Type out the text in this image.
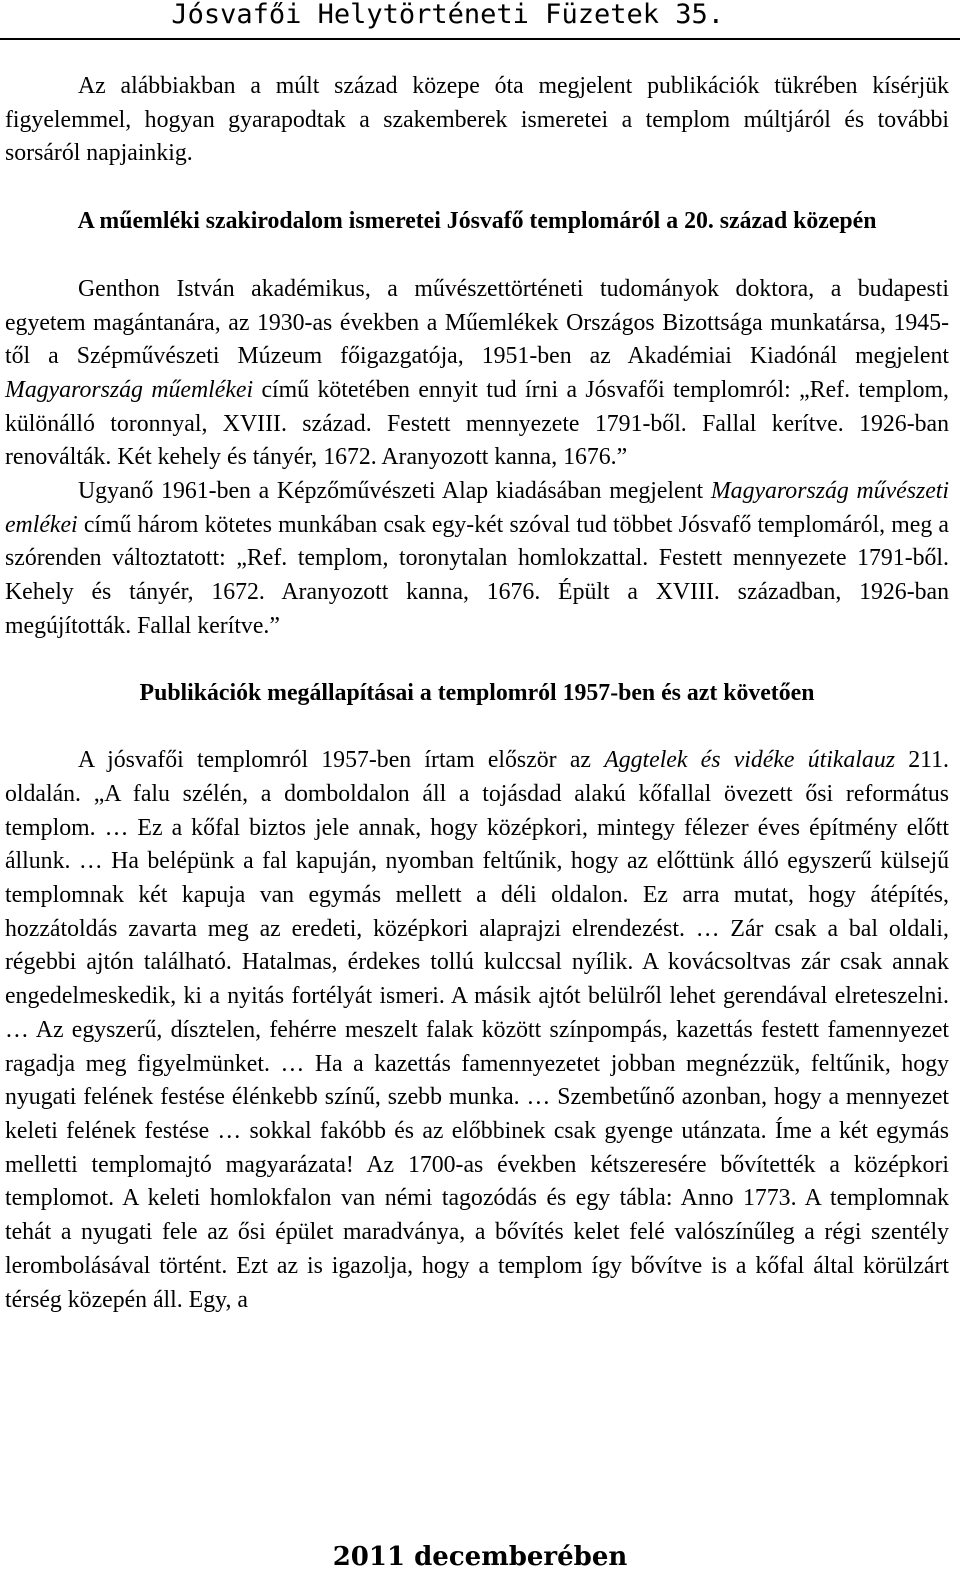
Jósvafői Helytörténeti Füzetek 35.

Az alábbiakban a múlt század közepe óta megjelent publikációk tükrében kísérjük figyelemmel, hogyan gyarapodtak a szakemberek ismeretei a templom múltjáról és további sorsáról napjainkig.

A műemléki szakirodalom ismeretei Jósvafő templomáról a 20. század közepén

Genthon István akadémikus, a művészettörténeti tudományok doktora, a budapesti egyetem magántanára, az 1930-as években a Műemlékek Országos Bizottsága munkatársa, 1945-től a Szépművészeti Múzeum főigazgatója, 1951-ben az Akadémiai Kiadónál megjelent Magyarország műemlékei című kötetében ennyit tud írni a Jósvafői templomról: „Ref. templom, különálló toronnyal, XVIII. század. Festett mennyezete 1791-ből. Fallal kerítve. 1926-ban renoválták. Két kehely és tányér, 1672. Aranyozott kanna, 1676.”

Ugyanő 1961-ben a Képzőművészeti Alap kiadásában megjelent Magyarország művészeti emlékei című három kötetes munkában csak egy-két szóval tud többet Jósvafő templomáról, meg a szórenden változtatott: „Ref. templom, toronytalan homlokzattal. Festett mennyezete 1791-ből. Kehely és tányér, 1672. Aranyozott kanna, 1676. Épült a XVIII. században, 1926-ban megújították. Fallal kerítve.”

Publikációk megállapításai a templomról 1957-ben és azt követően

A jósvafői templomról 1957-ben írtam először az Aggtelek és vidéke útikalauz 211. oldalán. „A falu szélén, a domboldalon áll a tojásdad alakú kőfallal övezett ősi református templom. … Ez a kőfal biztos jele annak, hogy középkori, mintegy félezer éves építmény előtt állunk. … Ha belépünk a fal kapuján, nyomban feltűnik, hogy az előttünk álló egyszerű külsejű templomnak két kapuja van egymás mellett a déli oldalon. Ez arra mutat, hogy átépítés, hozzátoldás zavarta meg az eredeti, középkori alaprajzi elrendezést. … Zár csak a bal oldali, régebbi ajtón található. Hatalmas, érdekes tollú kulccsal nyílik. A kovácsoltvas zár csak annak engedelmeskedik, ki a nyitás fortélyát ismeri. A másik ajtót belülről lehet gerendával elreteszelni. … Az egyszerű, dísztelen, fehérre meszelt falak között színpompás, kazettás festett famennyezet ragadja meg figyelmünket. … Ha a kazettás famennyezetet jobban megnézzük, feltűnik, hogy nyugati felének festése élénkebb színű, szebb munka. … Szembetűnő azonban, hogy a mennyezet keleti felének festése … sokkal fakóbb és az előbbinek csak gyenge utánzata. Íme a két egymás melletti templomajtó magyarázata! Az 1700-as években kétszeresére bővítették a középkori templomot. A keleti homlokfalon van némi tagozódás és egy tábla: Anno 1773. A templomnak tehát a nyugati fele az ősi épület maradványa, a bővítés kelet felé valószínűleg a régi szentély lerombolásával történt. Ezt az is igazolja, hogy a templom így bővítve is a kőfal által körülzárt térség közepén áll. Egy, a

2011 decemberében
